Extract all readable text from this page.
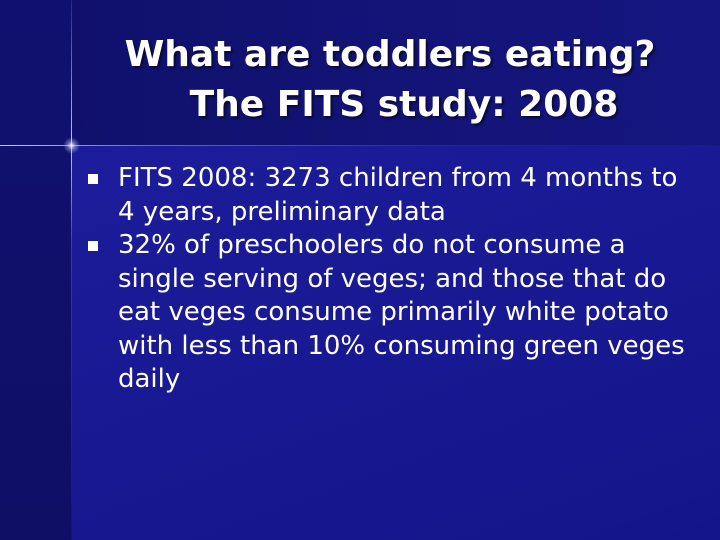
What are toddlers eating?
The FITS study: 2008
FITS 2008: 3273 children from 4 months to 4 years, preliminary data
32% of preschoolers do not consume a single serving of veges; and those that do eat veges consume primarily white potato with less than 10% consuming green veges daily
